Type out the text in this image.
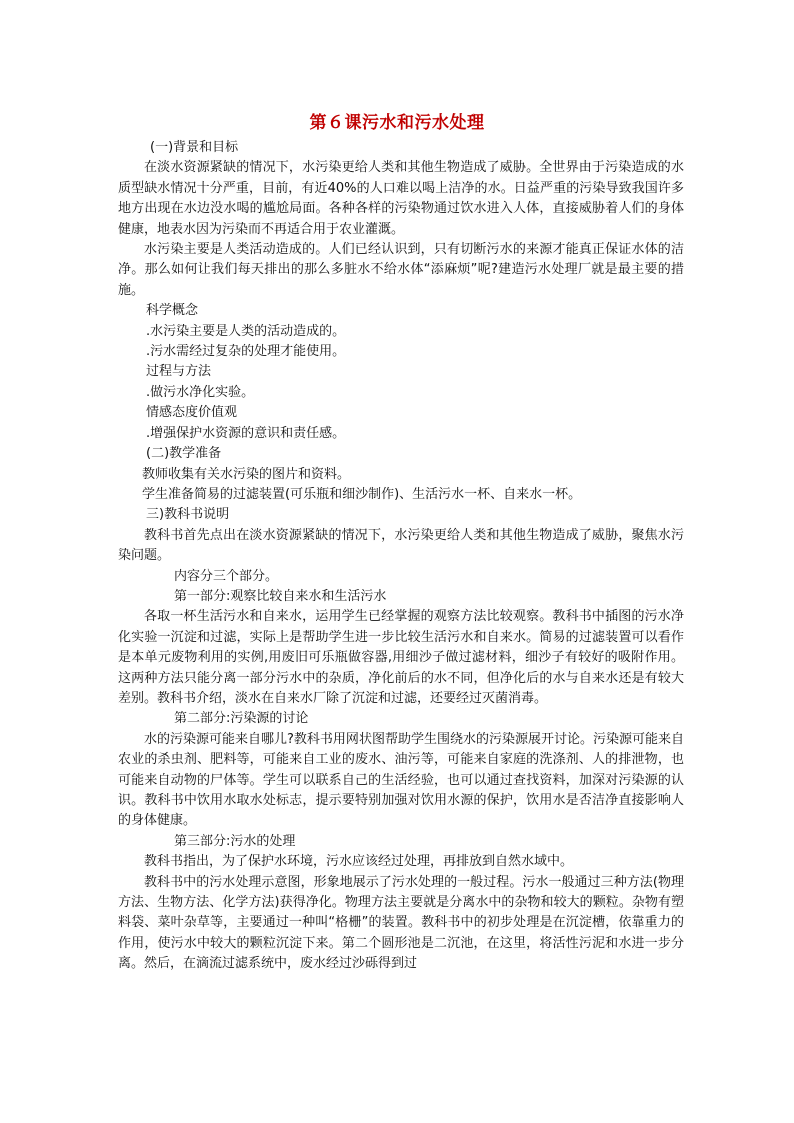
第６课污水和污水处理

(一)背景和目标

在淡水资源紧缺的情况下，水污染更给人类和其他生物造成了威胁。全世界由于污染造成的水质型缺水情况十分严重，目前，有近40%的人口难以喝上洁净的水。日益严重的污染导致我国许多地方出现在水边没水喝的尴尬局面。各种各样的污染物通过饮水进入人体，直接威胁着人们的身体健康，地表水因为污染而不再适合用于农业灌溉。

水污染主要是人类活动造成的。人们已经认识到，只有切断污水的来源才能真正保证水体的洁净。那么如何让我们每天排出的那么多脏水不给水体“添麻烦”呢?建造污水处理厂就是最主要的措施。

科学概念

.水污染主要是人类的活动造成的。

.污水需经过复杂的处理才能使用。

过程与方法

.做污水净化实验。

情感态度价值观

.增强保护水资源的意识和责任感。

(二)教学准备

教师收集有关水污染的图片和资料。

学生准备简易的过滤装置(可乐瓶和细沙制作)、生活污水一杯、自来水一杯。

三)教科书说明

教科书首先点出在淡水资源紧缺的情况下，水污染更给人类和其他生物造成了威胁，聚焦水污染问题。

内容分三个部分。

第一部分:观察比较自来水和生活污水

各取一杯生活污水和自来水，运用学生已经掌握的观察方法比较观察。教科书中插图的污水净化实验一沉淀和过滤，实际上是帮助学生进一步比较生活污水和自来水。简易的过滤装置可以看作是本单元废物利用的实例,用废旧可乐瓶做容器,用细沙子做过滤材料，细沙子有较好的吸附作用。这两种方法只能分离一部分污水中的杂质，净化前后的水不同，但净化后的水与自来水还是有较大差别。教科书介绍，淡水在自来水厂除了沉淀和过滤，还要经过灭菌消毒。

第二部分:污染源的讨论

水的污染源可能来自哪儿?教科书用网状图帮助学生围绕水的污染源展开讨论。污染源可能来自农业的杀虫剂、肥料等，可能来自工业的废水、油污等，可能来自家庭的洗涤剂、人的排泄物，也可能来自动物的尸体等。学生可以联系自己的生活经验，也可以通过查找资料，加深对污染源的认识。教科书中饮用水取水处标志，提示要特别加强对饮用水源的保护，饮用水是否洁净直接影响人的身体健康。

第三部分:污水的处理

教科书指出，为了保护水环境，污水应该经过处理，再排放到自然水域中。

教科书中的污水处理示意图，形象地展示了污水处理的一般过程。污水一般通过三种方法(物理方法、生物方法、化学方法)获得净化。物理方法主要就是分离水中的杂物和较大的颗粒。杂物有塑料袋、菜叶杂草等，主要通过一种叫“格栅”的装置。教科书中的初步处理是在沉淀槽，依靠重力的作用，使污水中较大的颗粒沉淀下来。第二个圆形池是二沉池，在这里，将活性污泥和水进一步分离。然后，在滴流过滤系统中，废水经过沙砾得到过
